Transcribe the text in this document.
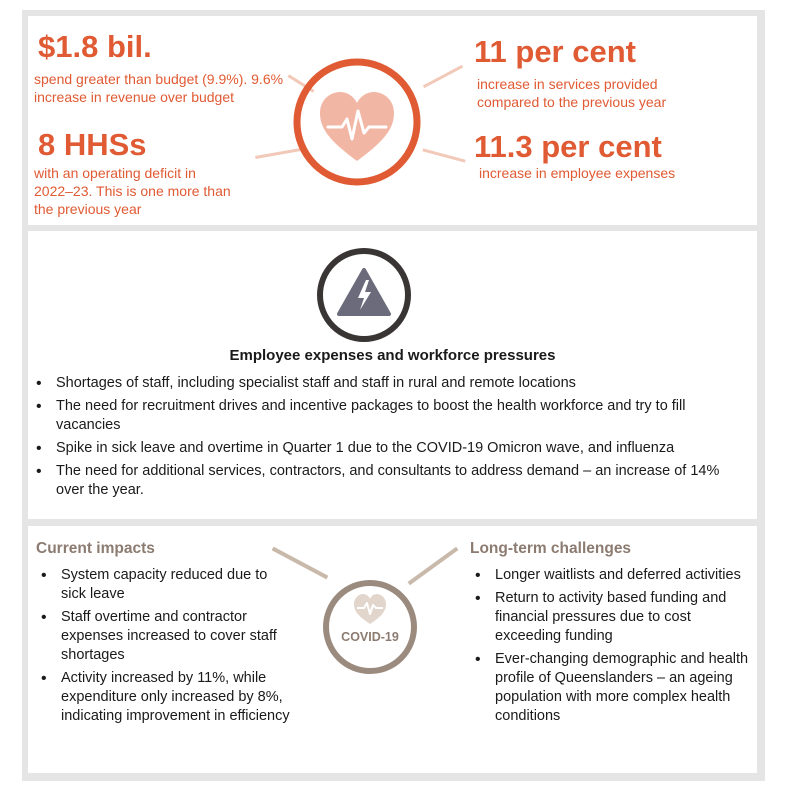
$1.8 bil.
spend greater than budget (9.9%). 9.6% increase in revenue over budget
8 HHSs
with an operating deficit in 2022–23. This is one more than the previous year
11 per cent
increase in services provided compared to the previous year
11.3 per cent
increase in employee expenses
Employee expenses and workforce pressures
• Shortages of staff, including specialist staff and staff in rural and remote locations
• The need for recruitment drives and incentive packages to boost the health workforce and try to fill vacancies
• Spike in sick leave and overtime in Quarter 1 due to the COVID-19 Omicron wave, and influenza
• The need for additional services, contractors, and consultants to address demand – an increase of 14% over the year.
COVID-19
Current impacts
• System capacity reduced due to sick leave
• Staff overtime and contractor expenses increased to cover staff shortages
• Activity increased by 11%, while expenditure only increased by 8%, indicating improvement in efficiency
Long-term challenges
• Longer waitlists and deferred activities
• Return to activity based funding and financial pressures due to cost exceeding funding
• Ever-changing demographic and health profile of Queenslanders – an ageing population with more complex health conditions
